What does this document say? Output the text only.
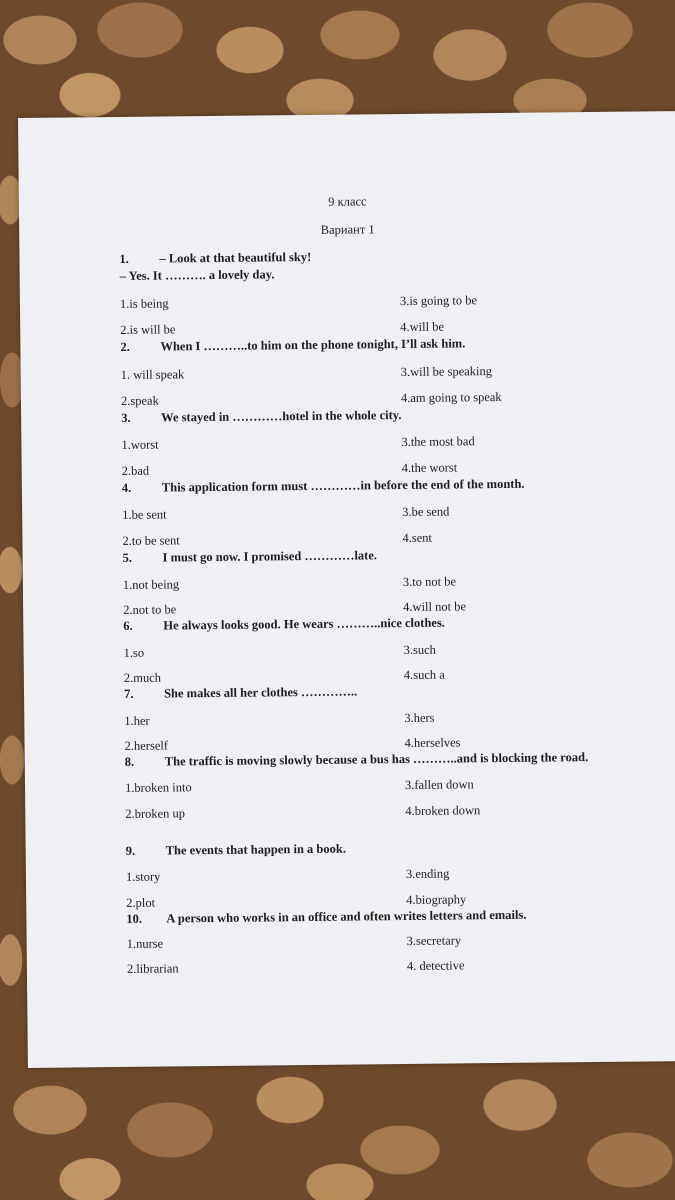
9 класс
Вариант 1
1. – Look at that beautiful sky!
– Yes. It ………. a lovely day.
1.is being	3.is going to be
2.is will be	4.will be
2. When I ………..to him on the phone tonight, I’ll ask him.
1. will speak	3.will be speaking
2.speak	4.am going to speak
3. We stayed in …………hotel in the whole city.
1.worst	3.the most bad
2.bad	4.the worst
4. This application form must …………in before the end of the month.
1.be sent	3.be send
2.to be sent	4.sent
5. I must go now. I promised …………late.
1.not being	3.to not be
2.not to be	4.will not be
6. He always looks good. He wears ………..nice clothes.
1.so	3.such
2.much	4.such a
7. She makes all her clothes …………..
1.her	3.hers
2.herself	4.herselves
8. The traffic is moving slowly because a bus has ………..and is blocking the road.
1.broken into	3.fallen down
2.broken up	4.broken down
9. The events that happen in a book.
1.story	3.ending
2.plot	4.biography
10. A person who works in an office and often writes letters and emails.
1.nurse	3.secretary
2.librarian	4. detective
